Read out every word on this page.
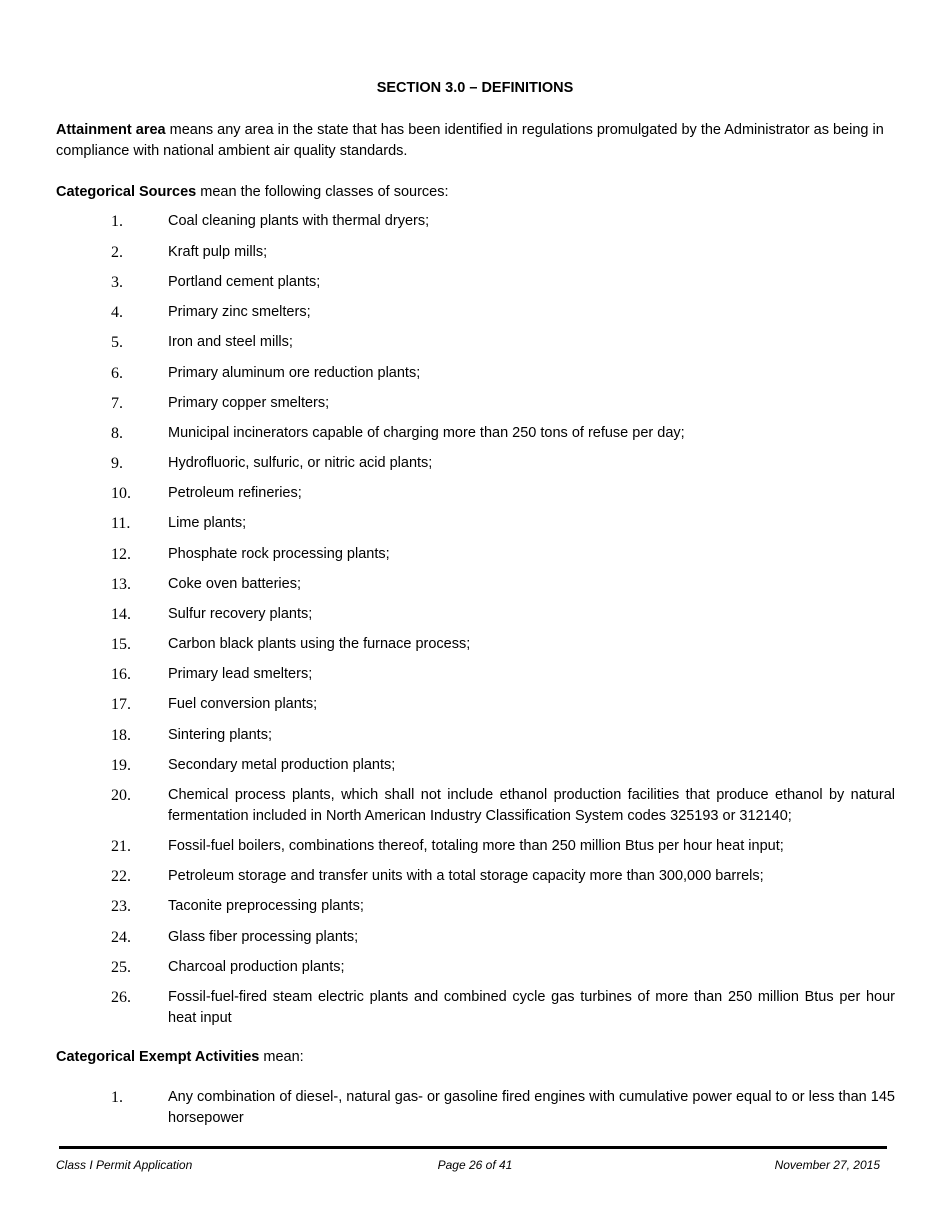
SECTION 3.0 – DEFINITIONS
Attainment area means any area in the state that has been identified in regulations promulgated by the Administrator as being in compliance with national ambient air quality standards.
Categorical Sources mean the following classes of sources:
1.	Coal cleaning plants with thermal dryers;
2.	Kraft pulp mills;
3.	Portland cement plants;
4.	Primary zinc smelters;
5.	Iron and steel mills;
6.	Primary aluminum ore reduction plants;
7.	Primary copper smelters;
8.	Municipal incinerators capable of charging more than 250 tons of refuse per day;
9.	Hydrofluoric, sulfuric, or nitric acid plants;
10.	Petroleum refineries;
11.	Lime plants;
12.	Phosphate rock processing plants;
13.	Coke oven batteries;
14.	Sulfur recovery plants;
15.	Carbon black plants using the furnace process;
16.	Primary lead smelters;
17.	Fuel conversion plants;
18.	Sintering plants;
19.	Secondary metal production plants;
20.	Chemical process plants, which shall not include ethanol production facilities that produce ethanol by natural fermentation included in North American Industry Classification System codes 325193 or 312140;
21.	Fossil-fuel boilers, combinations thereof, totaling more than 250 million Btus per hour heat input;
22.	Petroleum storage and transfer units with a total storage capacity more than 300,000 barrels;
23.	Taconite preprocessing plants;
24.	Glass fiber processing plants;
25.	Charcoal production plants;
26.	Fossil-fuel-fired steam electric plants and combined cycle gas turbines of more than 250 million Btus per hour heat input
Categorical Exempt Activities mean:
1.	Any combination of diesel-, natural gas- or gasoline fired engines with cumulative power equal to or less than 145 horsepower
Page 26 of 41
Class I Permit Application	November 27, 2015
